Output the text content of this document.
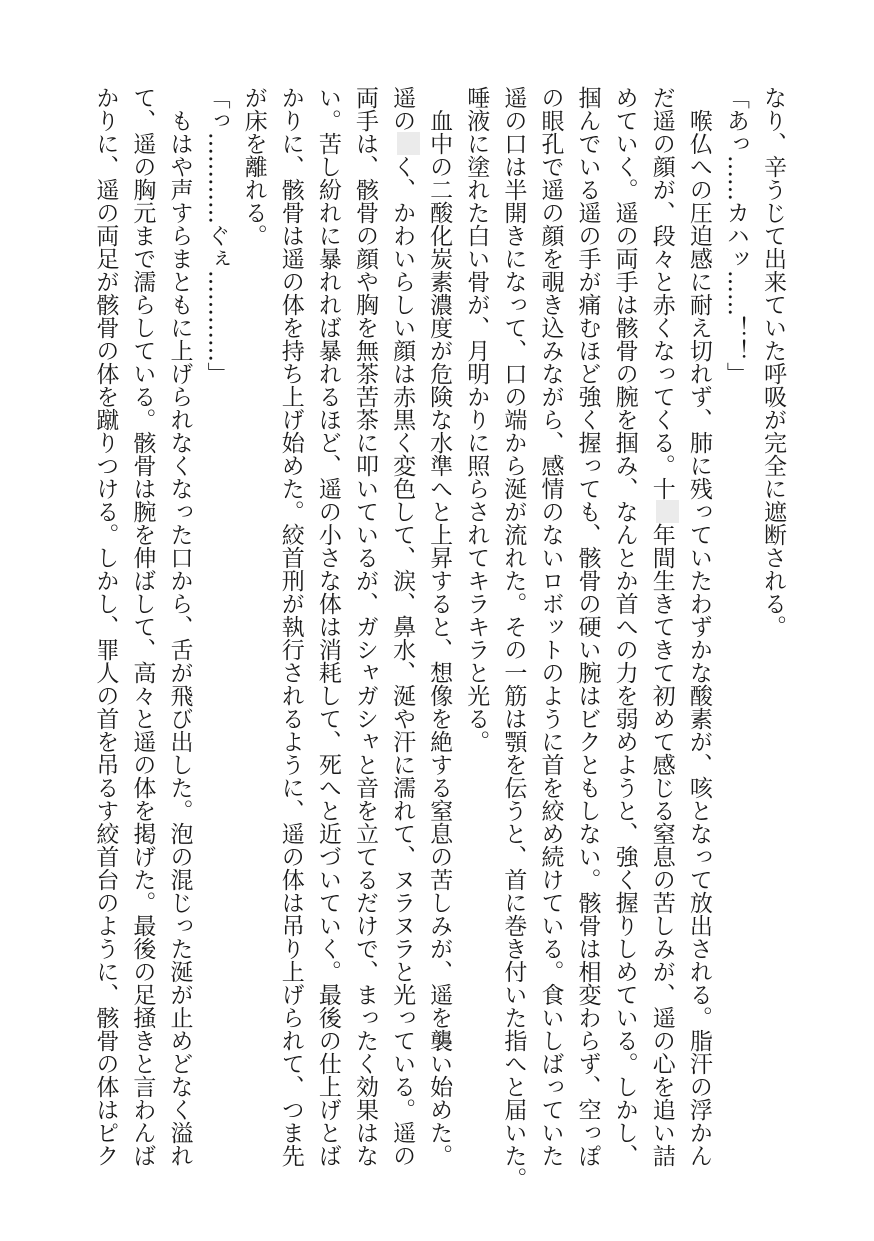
なり、辛うじて出来ていた呼吸が完全に遮断される。
「あっ……カハッ……！！」
喉仏への圧迫感に耐え切れず、肺に残っていたわずかな酸素が、咳となって放出される。脂汗の浮かん
だ遥の顔が、段々と赤くなってくる。十年間生きてきて初めて感じる窒息の苦しみが、遥の心を追い詰
めていく。遥の両手は骸骨の腕を掴み、なんとか首への力を弱めようと、強く握りしめている。しかし、
掴んでいる遥の手が痛むほど強く握っても、骸骨の硬い腕はビクともしない。骸骨は相変わらず、空っぽ
の眼孔で遥の顔を覗き込みながら、感情のないロボットのように首を絞め続けている。食いしばっていた
遥の口は半開きになって、口の端から涎が流れた。その一筋は顎を伝うと、首に巻き付いた指へと届いた。
唾液に塗れた白い骨が、月明かりに照らされてキラキラと光る。
血中の二酸化炭素濃度が危険な水準へと上昇すると、想像を絶する窒息の苦しみが、遥を襲い始めた。
遥のく、かわいらしい顔は赤黒く変色して、涙、鼻水、涎や汗に濡れて、ヌラヌラと光っている。遥の
両手は、骸骨の顔や胸を無茶苦茶に叩いているが、ガシャガシャと音を立てるだけで、まったく効果はな
い。苦し紛れに暴れれば暴れるほど、遥の小さな体は消耗して、死へと近づいていく。最後の仕上げとば
かりに、骸骨は遥の体を持ち上げ始めた。絞首刑が執行されるように、遥の体は吊り上げられて、つま先
が床を離れる。
「っ…………ぐぇ…………」
もはや声すらまともに上げられなくなった口から、舌が飛び出した。泡の混じった涎が止めどなく溢れ
て、遥の胸元まで濡らしている。骸骨は腕を伸ばして、高々と遥の体を掲げた。最後の足掻きと言わんば
かりに、遥の両足が骸骨の体を蹴りつける。しかし、罪人の首を吊るす絞首台のように、骸骨の体はピク
